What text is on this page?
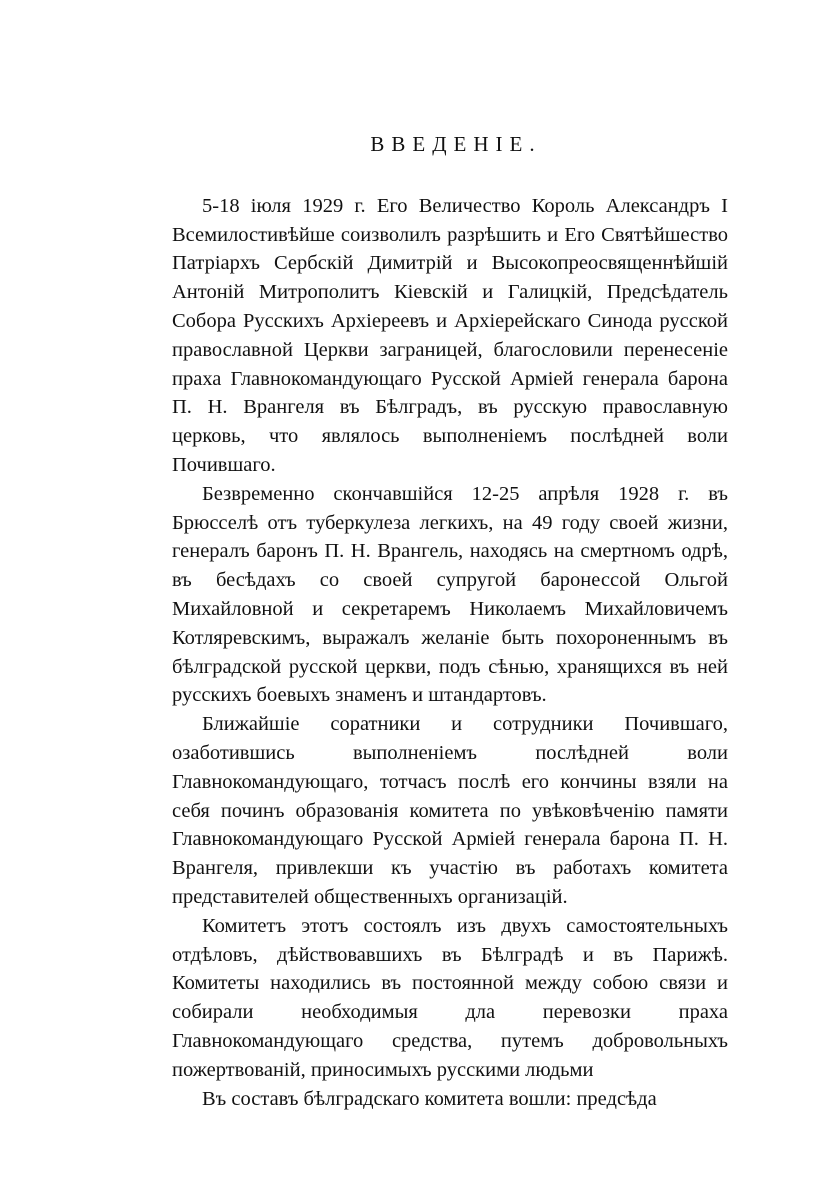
ВВЕДЕНІЕ.

5-18 іюля 1929 г. Его Величество Король Александръ I Всемилостивѣйше соизволилъ разрѣшить и Его Святѣйшество Патріархъ Сербскій Димитрій и Высокопреосвященнѣйшій Антоній Митрополитъ Кіевскій и Галицкій, Предсѣдатель Собора Русскихъ Архіереевъ и Архіерейскаго Синода русской православной Церкви заграницей, благословили перенесеніе праха Главнокомандующаго Русской Арміей генерала барона П. Н. Врангеля въ Бѣлградъ, въ русскую православную церковь, что являлось выполненіемъ послѣдней воли Почившаго.

Безвременно скончавшійся 12-25 апрѣля 1928 г. въ Брюсселѣ отъ туберкулеза легкихъ, на 49 году своей жизни, генералъ баронъ П. Н. Врангель, находясь на смертномъ одрѣ, въ бесѣдахъ со своей супругой баронессой Ольгой Михайловной и секретаремъ Николаемъ Михайловичемъ Котляревскимъ, выражалъ желаніе быть похороненнымъ въ бѣлградской русской церкви, подъ сѣнью, хранящихся въ ней русскихъ боевыхъ знаменъ и штандартовъ.

Ближайшіе соратники и сотрудники Почившаго, озаботившись выполненіемъ послѣдней воли Главнокомандующаго, тотчасъ послѣ его кончины взяли на себя починъ образованія комитета по увѣковѣченію памяти Главнокомандующаго Русской Арміей генерала барона П. Н. Врангеля, привлекши къ участію въ работахъ комитета представителей общественныхъ организацій.

Комитетъ этотъ состоялъ изъ двухъ самостоятельныхъ отдѣловъ, дѣйствовавшихъ въ Бѣлградѣ и въ Парижѣ. Комитеты находились въ постоянной между собою связи и собирали необходимыя дла перевозки праха Главнокомандующаго средства, путемъ добровольныхъ пожертвованій, приносимыхъ русскими людьми

Въ составъ бѣлградскаго комитета вошли: предсѣда
